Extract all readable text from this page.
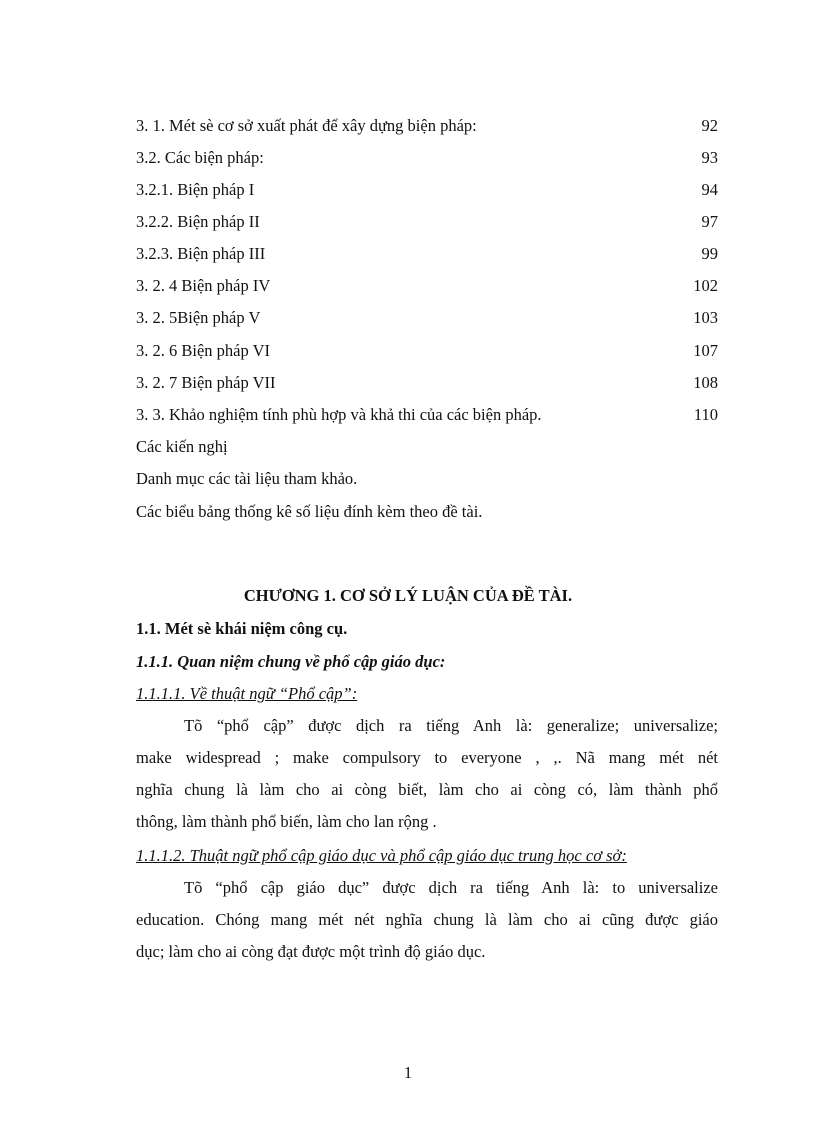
3. 1. Mét sè cơ sở xuất phát để xây dựng biện pháp:	92
3.2. Các biện pháp:	93
3.2.1. Biện pháp I	94
3.2.2. Biện pháp II	97
3.2.3. Biện pháp III	99
3. 2. 4 Biện pháp IV	102
3. 2. 5Biện pháp V	103
3. 2. 6 Biện pháp VI	107
3. 2. 7 Biện pháp VII	108
3. 3. Khảo nghiệm tính phù hợp và khả thi của các biện pháp.	110
Các kiến nghị
Danh mục các tài liệu tham khảo.
Các biểu bảng thống kê số liệu đính kèm theo đề tài.
CHƯƠNG 1. CƠ SỞ LÝ LUẬN CỦA ĐỀ TÀI.
1.1. Mét sè khái niệm công cụ.
1.1.1. Quan niệm chung về phổ cập giáo dục:
1.1.1.1. Về thuật ngữ “Phổ cập”:
Tõ “phổ cập” được dịch ra tiếng Anh là: generalize; universalize;
make widespread ; make compulsory to everyone , ,. Nã mang mét nét
nghĩa chung là làm cho ai còng biết, làm cho ai còng có, làm thành phổ
thông, làm thành phổ biến, làm cho lan rộng .
1.1.1.2. Thuật ngữ phổ cập giáo dục và phổ cập giáo dục trung học cơ sở:
Tõ “phổ cập giáo dục” được dịch ra tiếng Anh là: to universalize
education. Chóng mang mét nét nghĩa chung là làm cho ai cũng được giáo
dục; làm cho ai còng đạt được một trình độ giáo dục.
1
